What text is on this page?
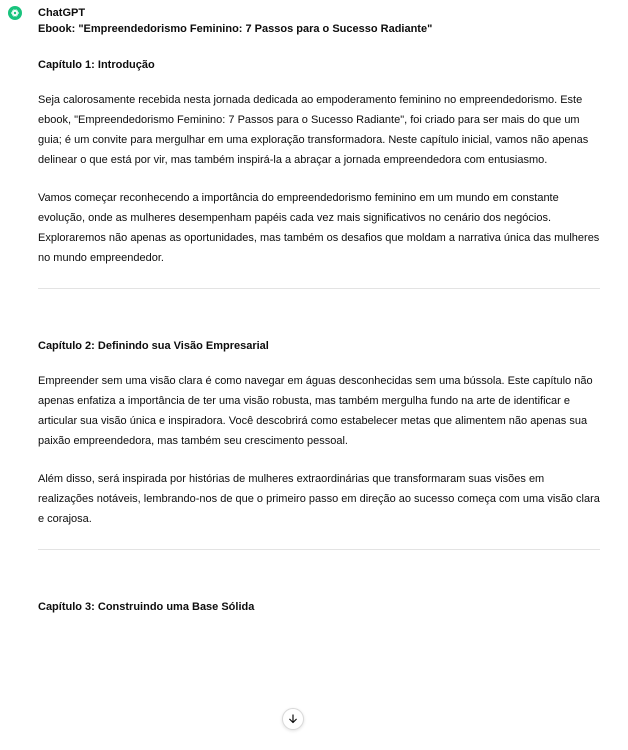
ChatGPT
Ebook: "Empreendedorismo Feminino: 7 Passos para o Sucesso Radiante"
Capítulo 1: Introdução

Seja calorosamente recebida nesta jornada dedicada ao empoderamento feminino no empreendedorismo. Este ebook, "Empreendedorismo Feminino: 7 Passos para o Sucesso Radiante", foi criado para ser mais do que um guia; é um convite para mergulhar em uma exploração transformadora. Neste capítulo inicial, vamos não apenas delinear o que está por vir, mas também inspirá-la a abraçar a jornada empreendedora com entusiasmo.

Vamos começar reconhecendo a importância do empreendedorismo feminino em um mundo em constante evolução, onde as mulheres desempenham papéis cada vez mais significativos no cenário dos negócios. Exploraremos não apenas as oportunidades, mas também os desafios que moldam a narrativa única das mulheres no mundo empreendedor.

Capítulo 2: Definindo sua Visão Empresarial

Empreender sem uma visão clara é como navegar em águas desconhecidas sem uma bússola. Este capítulo não apenas enfatiza a importância de ter uma visão robusta, mas também mergulha fundo na arte de identificar e articular sua visão única e inspiradora. Você descobrirá como estabelecer metas que alimentem não apenas sua paixão empreendedora, mas também seu crescimento pessoal.

Além disso, será inspirada por histórias de mulheres extraordinárias que transformaram suas visões em realizações notáveis, lembrando-nos de que o primeiro passo em direção ao sucesso começa com uma visão clara e corajosa.

Capítulo 3: Construindo uma Base Sólida
